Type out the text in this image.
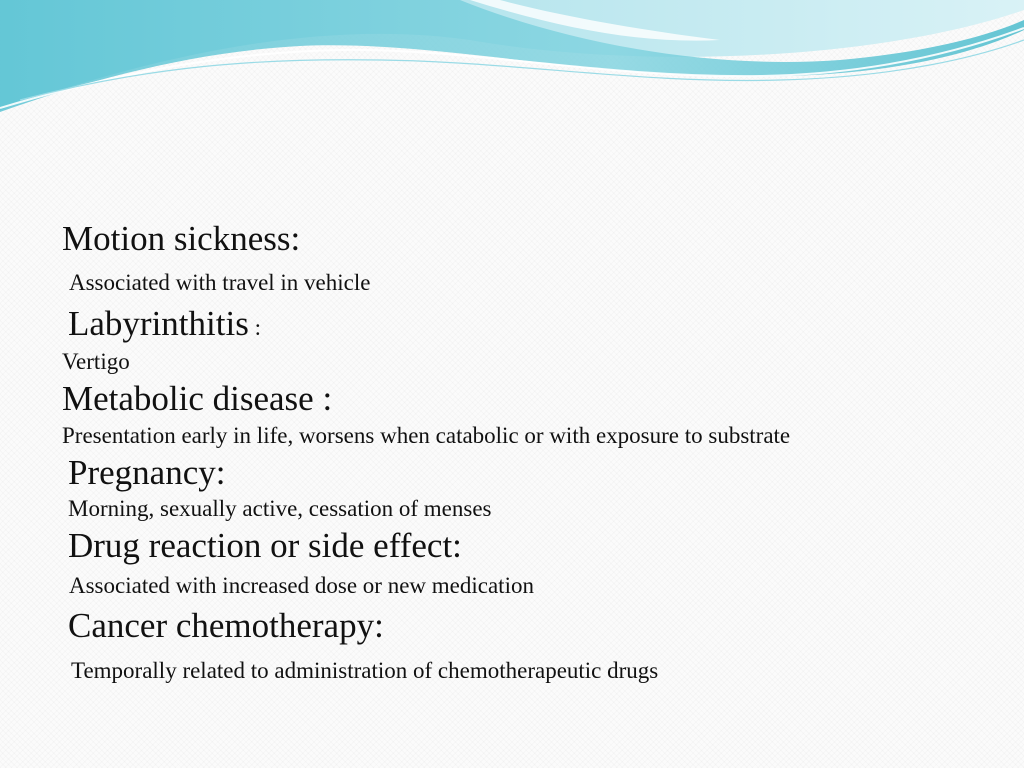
Motion sickness:
Associated with travel in vehicle
Labyrinthitis :
Vertigo
Metabolic disease :
Presentation early in life, worsens when catabolic or with exposure to substrate
Pregnancy:
Morning, sexually active, cessation of menses
Drug reaction or side effect:
Associated with increased dose or new medication
Cancer chemotherapy:
Temporally related to administration of chemotherapeutic drugs
